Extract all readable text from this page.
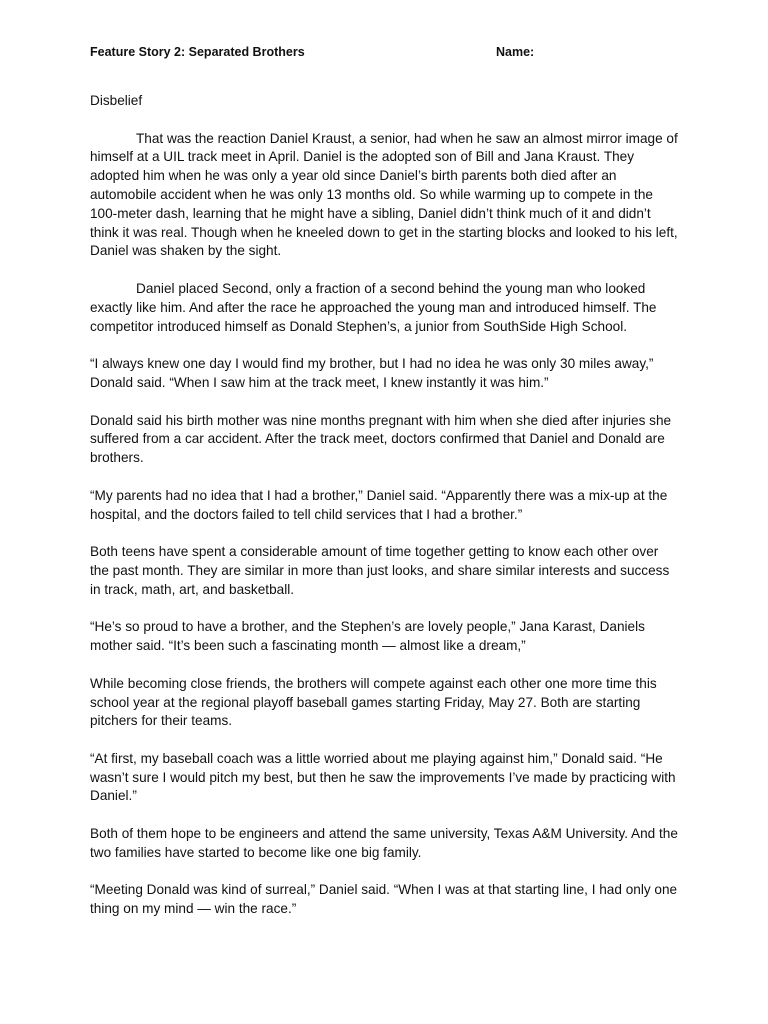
Feature Story 2: Separated Brothers	Name:

Disbelief

That was the reaction Daniel Kraust, a senior, had when he saw an almost mirror image of himself at a UIL track meet in April. Daniel is the adopted son of Bill and Jana Kraust. They adopted him when he was only a year old since Daniel’s birth parents both died after an automobile accident when he was only 13 months old. So while warming up to compete in the 100-meter dash, learning that he might have a sibling, Daniel didn’t think much of it and didn’t think it was real. Though when he kneeled down to get in the starting blocks and looked to his left, Daniel was shaken by the sight.

Daniel placed Second, only a fraction of a second behind the young man who looked exactly like him. And after the race he approached the young man and introduced himself. The competitor introduced himself as Donald Stephen’s, a junior from SouthSide High School.

“I always knew one day I would find my brother, but I had no idea he was only 30 miles away,” Donald said. “When I saw him at the track meet, I knew instantly it was him.”

Donald said his birth mother was nine months pregnant with him when she died after injuries she suffered from a car accident. After the track meet, doctors confirmed that Daniel and Donald are brothers.

“My parents had no idea that I had a brother,” Daniel said. “Apparently there was a mix-up at the hospital, and the doctors failed to tell child services that I had a brother.”

Both teens have spent a considerable amount of time together getting to know each other over the past month. They are similar in more than just looks, and share similar interests and success in track, math, art, and basketball.

“He’s so proud to have a brother, and the Stephen’s are lovely people,” Jana Karast, Daniels mother said. “It’s been such a fascinating month — almost like a dream,”

While becoming close friends, the brothers will compete against each other one more time this school year at the regional playoff baseball games starting Friday, May 27. Both are starting pitchers for their teams.

“At first, my baseball coach was a little worried about me playing against him,” Donald said. “He wasn’t sure I would pitch my best, but then he saw the improvements I’ve made by practicing with Daniel.”

Both of them hope to be engineers and attend the same university, Texas A&M University. And the two families have started to become like one big family.

“Meeting Donald was kind of surreal,” Daniel said. “When I was at that starting line, I had only one thing on my mind — win the race.”
